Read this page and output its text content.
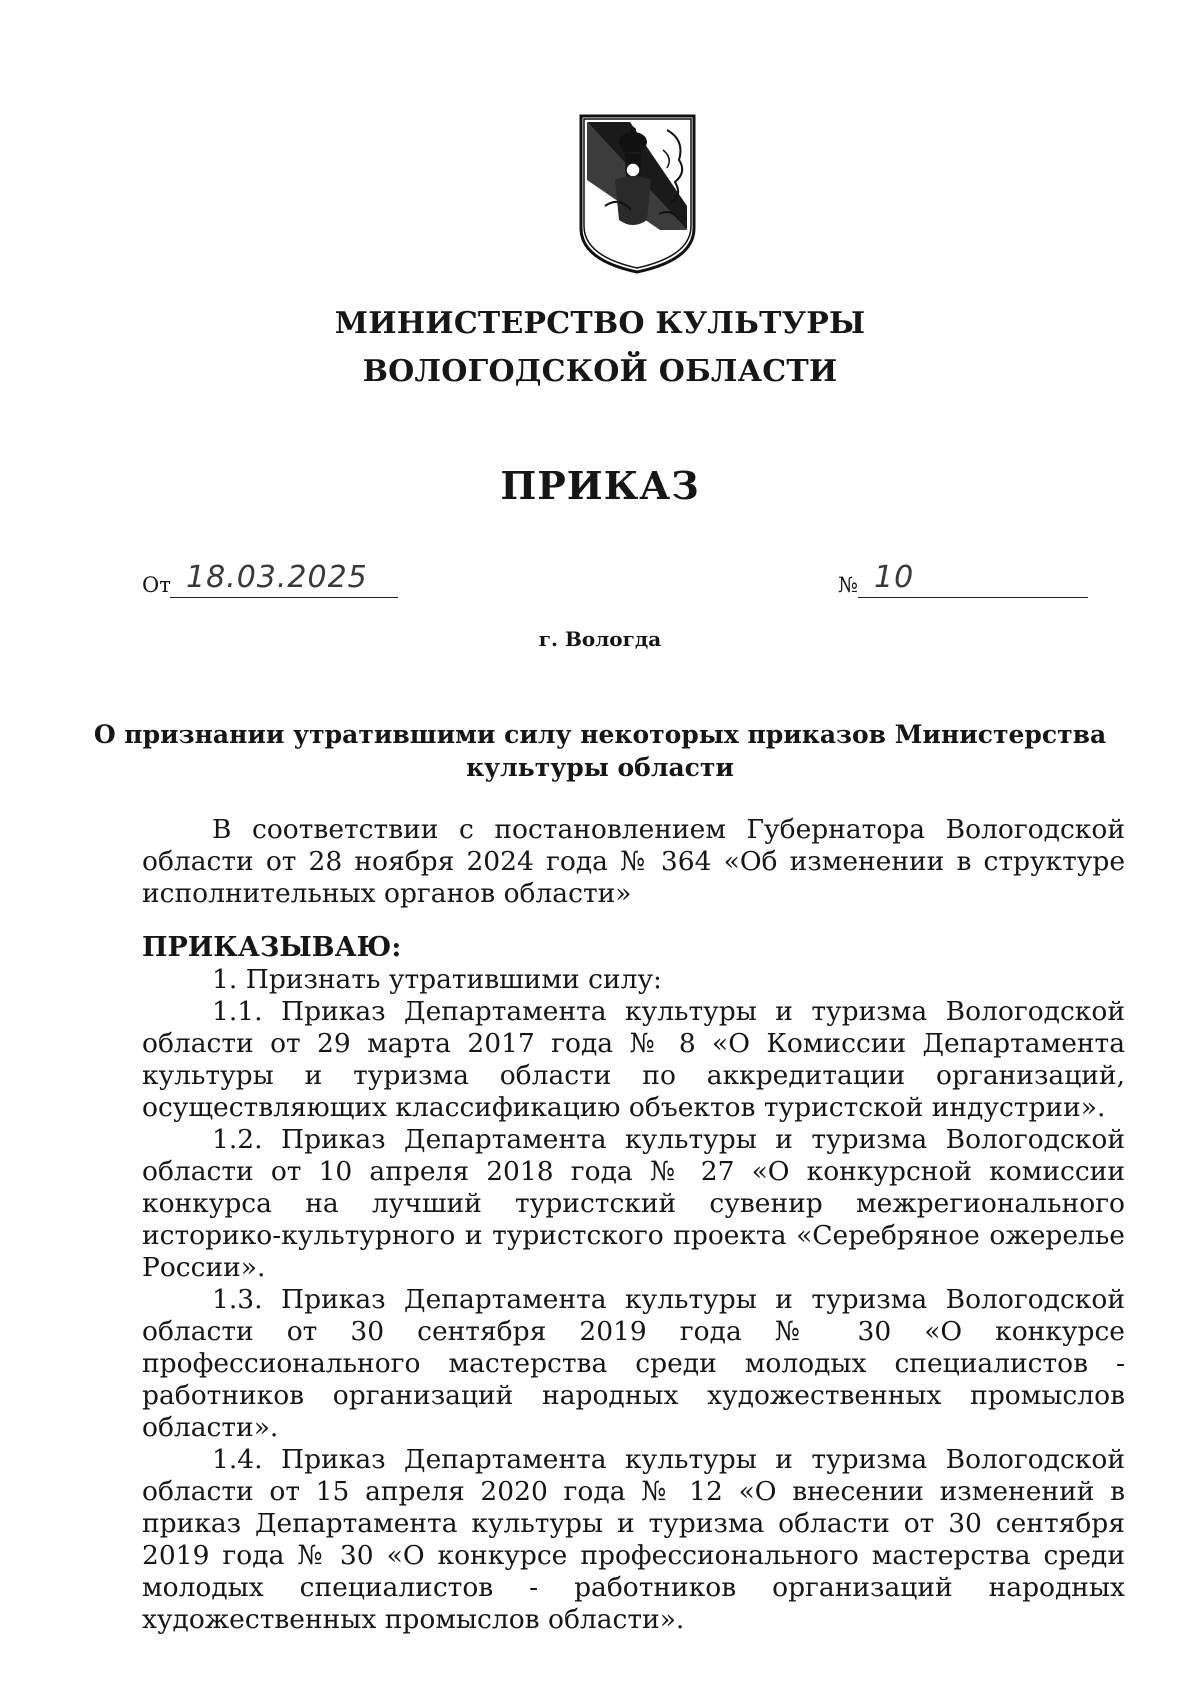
МИНИСТЕРСТВО КУЛЬТУРЫ
ВОЛОГОДСКОЙ ОБЛАСТИ
ПРИКАЗ
От 18.03.2025	№ 10
г. Вологда
О признании утратившими силу некоторых приказов Министерства
культуры области

В соответствии с постановлением Губернатора Вологодской области от 28 ноября 2024 года № 364 «Об изменении в структуре исполнительных органов области»

ПРИКАЗЫВАЮ:

1. Признать утратившими силу:

1.1. Приказ Департамента культуры и туризма Вологодской области от 29 марта 2017 года № 8 «О Комиссии Департамента культуры и туризма области по аккредитации организаций, осуществляющих классификацию объектов туристской индустрии».

1.2. Приказ Департамента культуры и туризма Вологодской области от 10 апреля 2018 года № 27 «О конкурсной комиссии конкурса на лучший туристский сувенир межрегионального историко-культурного и туристского проекта «Серебряное ожерелье России».

1.3. Приказ Департамента культуры и туризма Вологодской области от 30 сентября 2019 года № 30 «О конкурсе профессионального мастерства среди молодых специалистов - работников организаций народных художественных промыслов области».

1.4. Приказ Департамента культуры и туризма Вологодской области от 15 апреля 2020 года № 12 «О внесении изменений в приказ Департамента культуры и туризма области от 30 сентября 2019 года № 30 «О конкурсе профессионального мастерства среди молодых специалистов - работников организаций народных художественных промыслов области».
